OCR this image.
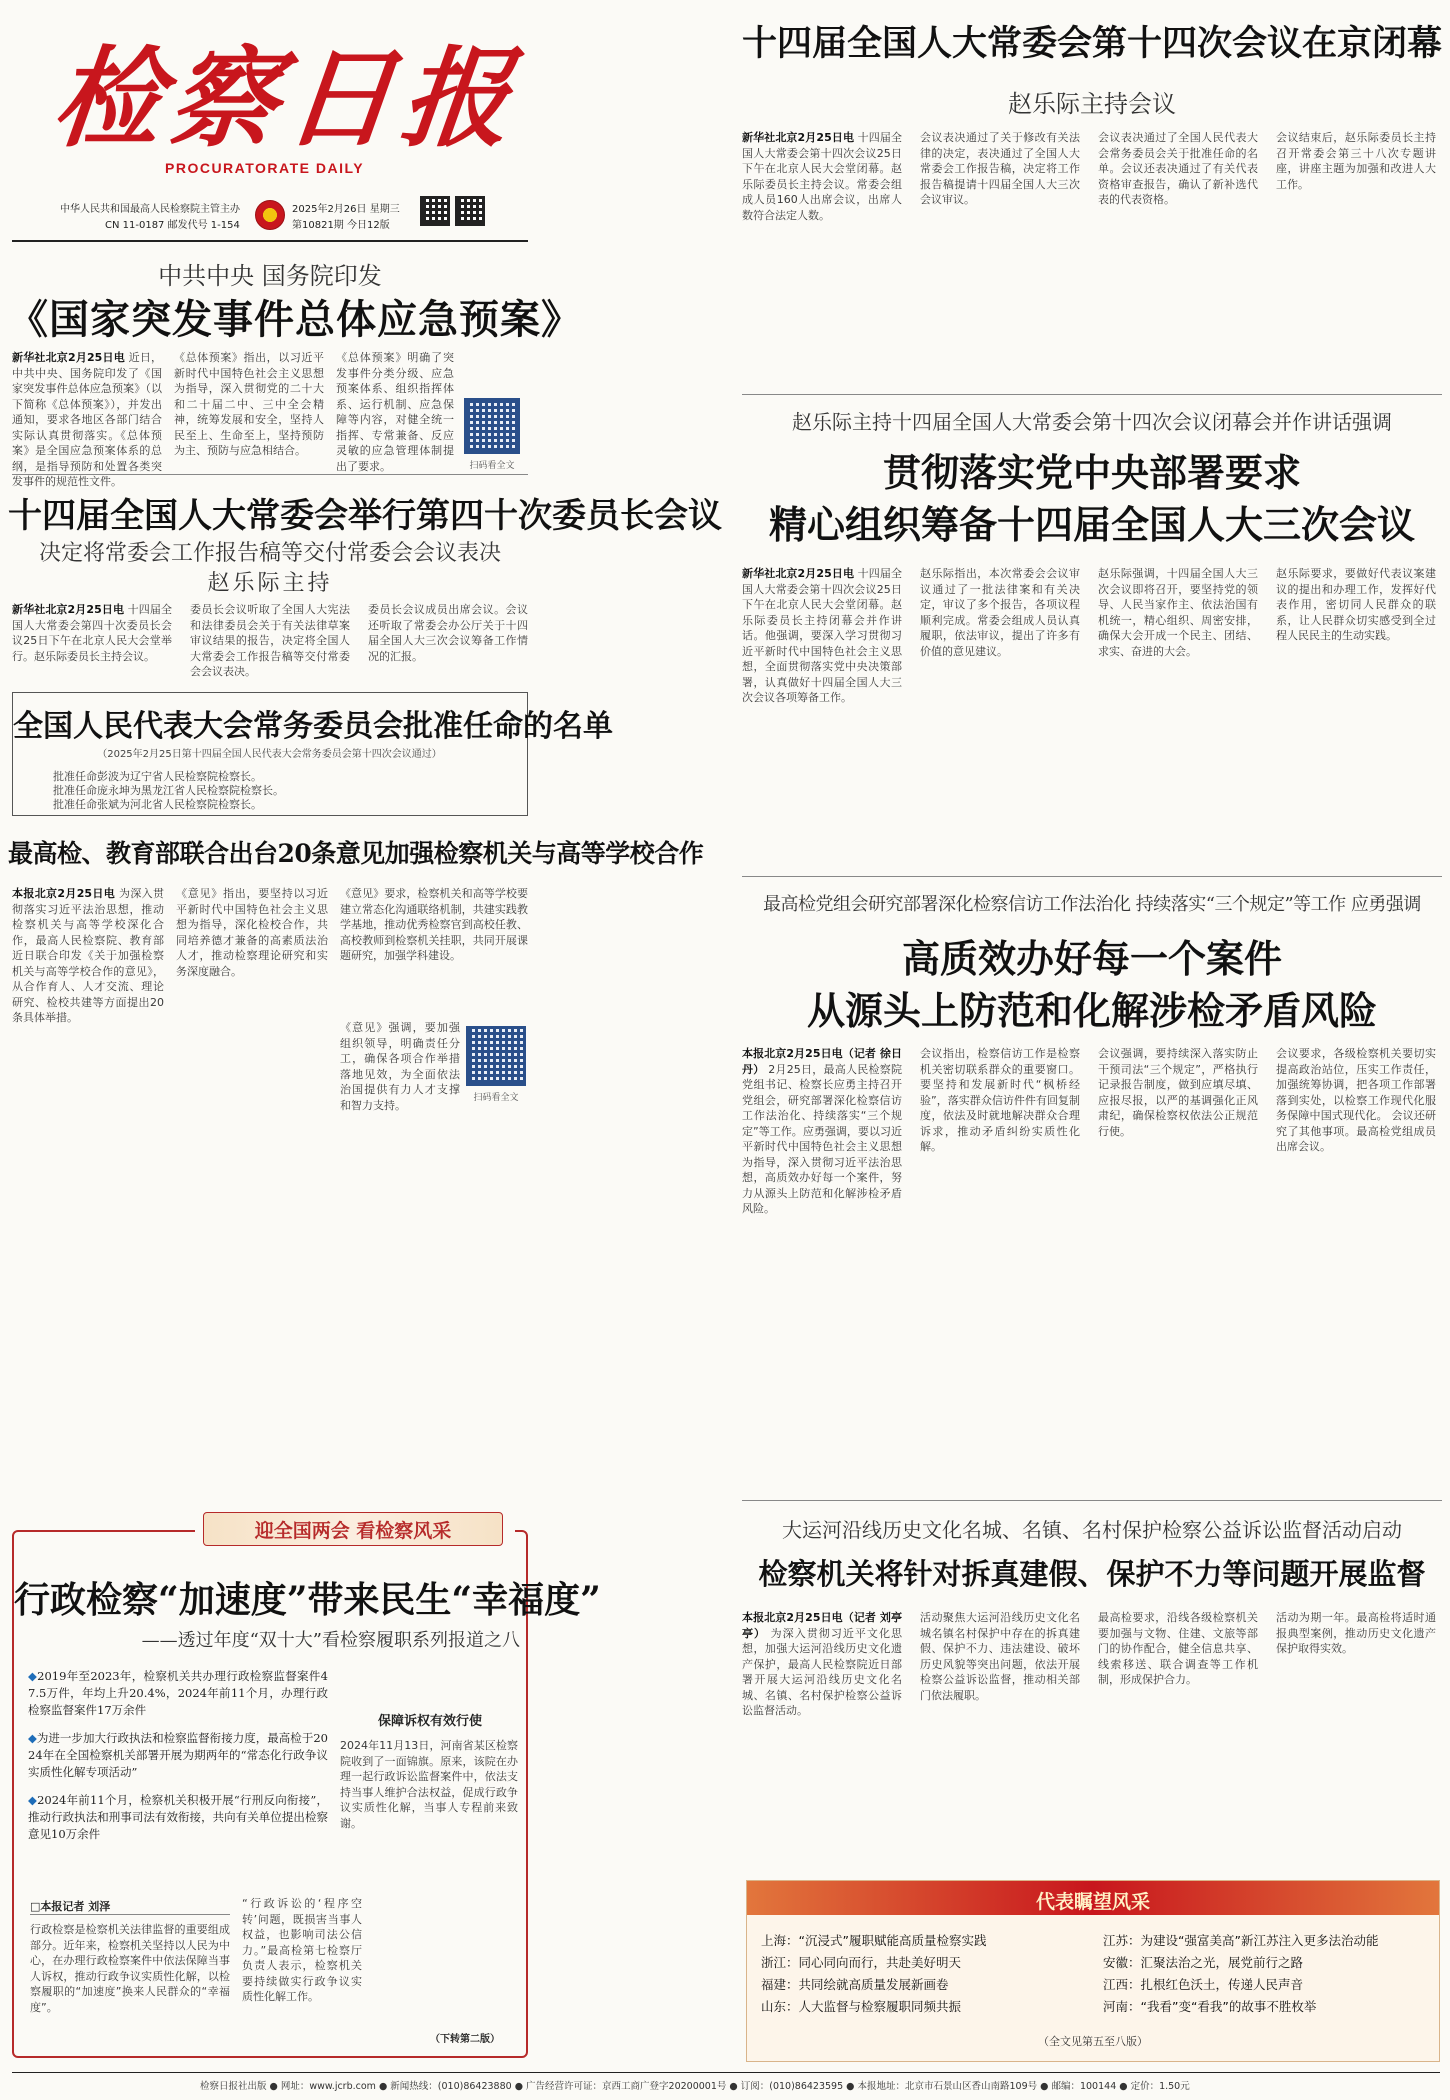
检察日报
PROCURATORATE DAILY
中华人民共和国最高人民检察院主管主办
CN 11-0187 邮发代号 1-154
2025年2月26日 星期三
第10821期 今日12版
中共中央 国务院印发
《国家突发事件总体应急预案》
新华社北京2月25日电 近日，中共中央、国务院印发了《国家突发事件总体应急预案》（以下简称《总体预案》），并发出通知，要求各地区各部门结合实际认真贯彻落实。《总体预案》是全国应急预案体系的总纲，是指导预防和处置各类突发事件的规范性文件。
《总体预案》指出，以习近平新时代中国特色社会主义思想为指导，深入贯彻党的二十大和二十届二中、三中全会精神，统筹发展和安全，坚持人民至上、生命至上，坚持预防为主、预防与应急相结合。
《总体预案》明确了突发事件分类分级、应急预案体系、组织指挥体系、运行机制、应急保障等内容，对健全统一指挥、专常兼备、反应灵敏的应急管理体制提出了要求。	扫码看全文
十四届全国人大常委会举行第四十次委员长会议
决定将常委会工作报告稿等交付常委会会议表决
赵乐际主持
新华社北京2月25日电 十四届全国人大常委会第四十次委员长会议25日下午在北京人民大会堂举行。赵乐际委员长主持会议。
委员长会议听取了全国人大宪法和法律委员会关于有关法律草案审议结果的报告，决定将全国人大常委会工作报告稿等交付常委会会议表决。
委员长会议成员出席会议。会议还听取了常委会办公厅关于十四届全国人大三次会议筹备工作情况的汇报。
全国人民代表大会常务委员会批准任命的名单
（2025年2月25日第十四届全国人民代表大会常务委员会第十四次会议通过）
批准任命彭波为辽宁省人民检察院检察长。
批准任命庞永坤为黑龙江省人民检察院检察长。
批准任命张斌为河北省人民检察院检察长。
最高检、教育部联合出台20条意见加强检察机关与高等学校合作
本报北京2月25日电 为深入贯彻落实习近平法治思想，推动检察机关与高等学校深化合作，最高人民检察院、教育部近日联合印发《关于加强检察机关与高等学校合作的意见》，从合作育人、人才交流、理论研究、检校共建等方面提出20条具体举措。
《意见》指出，要坚持以习近平新时代中国特色社会主义思想为指导，深化检校合作，共同培养德才兼备的高素质法治人才，推动检察理论研究和实务深度融合。
《意见》要求，检察机关和高等学校要建立常态化沟通联络机制，共建实践教学基地，推动优秀检察官到高校任教、高校教师到检察机关挂职，共同开展课题研究，加强学科建设。
《意见》强调，要加强组织领导，明确责任分工，确保各项合作举措落地见效，为全面依法治国提供有力人才支撑和智力支持。
扫码看全文
迎全国两会 看检察风采
行政检察“加速度”带来民生“幸福度”
——透过年度“双十大”看检察履职系列报道之八
◆2019年至2023年，检察机关共办理行政检察监督案件47.5万件，年均上升20.4%，2024年前11个月，办理行政检察监督案件17万余件
◆为进一步加大行政执法和检察监督衔接力度，最高检于2024年在全国检察机关部署开展为期两年的“常态化行政争议实质性化解专项活动”
◆2024年前11个月，检察机关积极开展“行刑反向衔接”，推动行政执法和刑事司法有效衔接，共向有关单位提出检察意见10万余件
□本报记者 刘泽
行政检察是检察机关法律监督的重要组成部分。近年来，检察机关坚持以人民为中心，在办理行政检察案件中依法保障当事人诉权，推动行政争议实质性化解，以检察履职的“加速度”换来人民群众的“幸福度”。
“行政诉讼的‘程序空转’问题，既损害当事人权益，也影响司法公信力。”最高检第七检察厅负责人表示，检察机关要持续做实行政争议实质性化解工作。
保障诉权有效行使
2024年11月13日，河南省某区检察院收到了一面锦旗。原来，该院在办理一起行政诉讼监督案件中，依法支持当事人维护合法权益，促成行政争议实质性化解，当事人专程前来致谢。
（下转第二版）
十四届全国人大常委会第十四次会议在京闭幕
赵乐际主持会议
新华社北京2月25日电 十四届全国人大常委会第十四次会议25日下午在北京人民大会堂闭幕。赵乐际委员长主持会议。常委会组成人员160人出席会议，出席人数符合法定人数。
会议表决通过了关于修改有关法律的决定，表决通过了全国人大常委会工作报告稿，决定将工作报告稿提请十四届全国人大三次会议审议。
会议表决通过了全国人民代表大会常务委员会关于批准任命的名单。会议还表决通过了有关代表资格审查报告，确认了新补选代表的代表资格。
会议结束后，赵乐际委员长主持召开常委会第三十八次专题讲座，讲座主题为加强和改进人大工作。
赵乐际主持十四届全国人大常委会第十四次会议闭幕会并作讲话强调
贯彻落实党中央部署要求
精心组织筹备十四届全国人大三次会议
新华社北京2月25日电 十四届全国人大常委会第十四次会议25日下午在北京人民大会堂闭幕。赵乐际委员长主持闭幕会并作讲话。他强调，要深入学习贯彻习近平新时代中国特色社会主义思想，全面贯彻落实党中央决策部署，认真做好十四届全国人大三次会议各项筹备工作。
赵乐际指出，本次常委会会议审议通过了一批法律案和有关决定，审议了多个报告，各项议程顺利完成。常委会组成人员认真履职，依法审议，提出了许多有价值的意见建议。
赵乐际强调，十四届全国人大三次会议即将召开，要坚持党的领导、人民当家作主、依法治国有机统一，精心组织、周密安排，确保大会开成一个民主、团结、求实、奋进的大会。
赵乐际要求，要做好代表议案建议的提出和办理工作，发挥好代表作用，密切同人民群众的联系，让人民群众切实感受到全过程人民民主的生动实践。
最高检党组会研究部署深化检察信访工作法治化 持续落实“三个规定”等工作 应勇强调
高质效办好每一个案件
从源头上防范和化解涉检矛盾风险
本报北京2月25日电（记者 徐日丹） 2月25日，最高人民检察院党组书记、检察长应勇主持召开党组会，研究部署深化检察信访工作法治化、持续落实“三个规定”等工作。应勇强调，要以习近平新时代中国特色社会主义思想为指导，深入贯彻习近平法治思想，高质效办好每一个案件，努力从源头上防范和化解涉检矛盾风险。
会议指出，检察信访工作是检察机关密切联系群众的重要窗口。要坚持和发展新时代“枫桥经验”，落实群众信访件件有回复制度，依法及时就地解决群众合理诉求，推动矛盾纠纷实质性化解。
会议强调，要持续深入落实防止干预司法“三个规定”，严格执行记录报告制度，做到应填尽填、应报尽报，以严的基调强化正风肃纪，确保检察权依法公正规范行使。
会议要求，各级检察机关要切实提高政治站位，压实工作责任，加强统筹协调，把各项工作部署落到实处，以检察工作现代化服务保障中国式现代化。 会议还研究了其他事项。最高检党组成员出席会议。
大运河沿线历史文化名城、名镇、名村保护检察公益诉讼监督活动启动
检察机关将针对拆真建假、保护不力等问题开展监督
本报北京2月25日电（记者 刘亭亭） 为深入贯彻习近平文化思想，加强大运河沿线历史文化遗产保护，最高人民检察院近日部署开展大运河沿线历史文化名城、名镇、名村保护检察公益诉讼监督活动。
活动聚焦大运河沿线历史文化名城名镇名村保护中存在的拆真建假、保护不力、违法建设、破坏历史风貌等突出问题，依法开展检察公益诉讼监督，推动相关部门依法履职。
最高检要求，沿线各级检察机关要加强与文物、住建、文旅等部门的协作配合，健全信息共享、线索移送、联合调查等工作机制，形成保护合力。
活动为期一年。最高检将适时通报典型案例，推动历史文化遗产保护取得实效。
代表瞩望风采
上海：“沉浸式”履职赋能高质量检察实践
浙江：同心同向而行，共赴美好明天
福建：共同绘就高质量发展新画卷
山东：人大监督与检察履职同频共振
江苏：为建设“强富美高”新江苏注入更多法治动能
安徽：汇聚法治之光，展党前行之路
江西：扎根红色沃土，传递人民声音
河南：“我看”变“看我”的故事不胜枚举
（全文见第五至八版）
检察日报社出版 ● 网址：www.jcrb.com ● 新闻热线：(010)86423880 ● 广告经营许可证：京西工商广登字20200001号 ● 订阅：(010)86423595 ● 本报地址：北京市石景山区香山南路109号 ● 邮编：100144 ● 定价：1.50元
